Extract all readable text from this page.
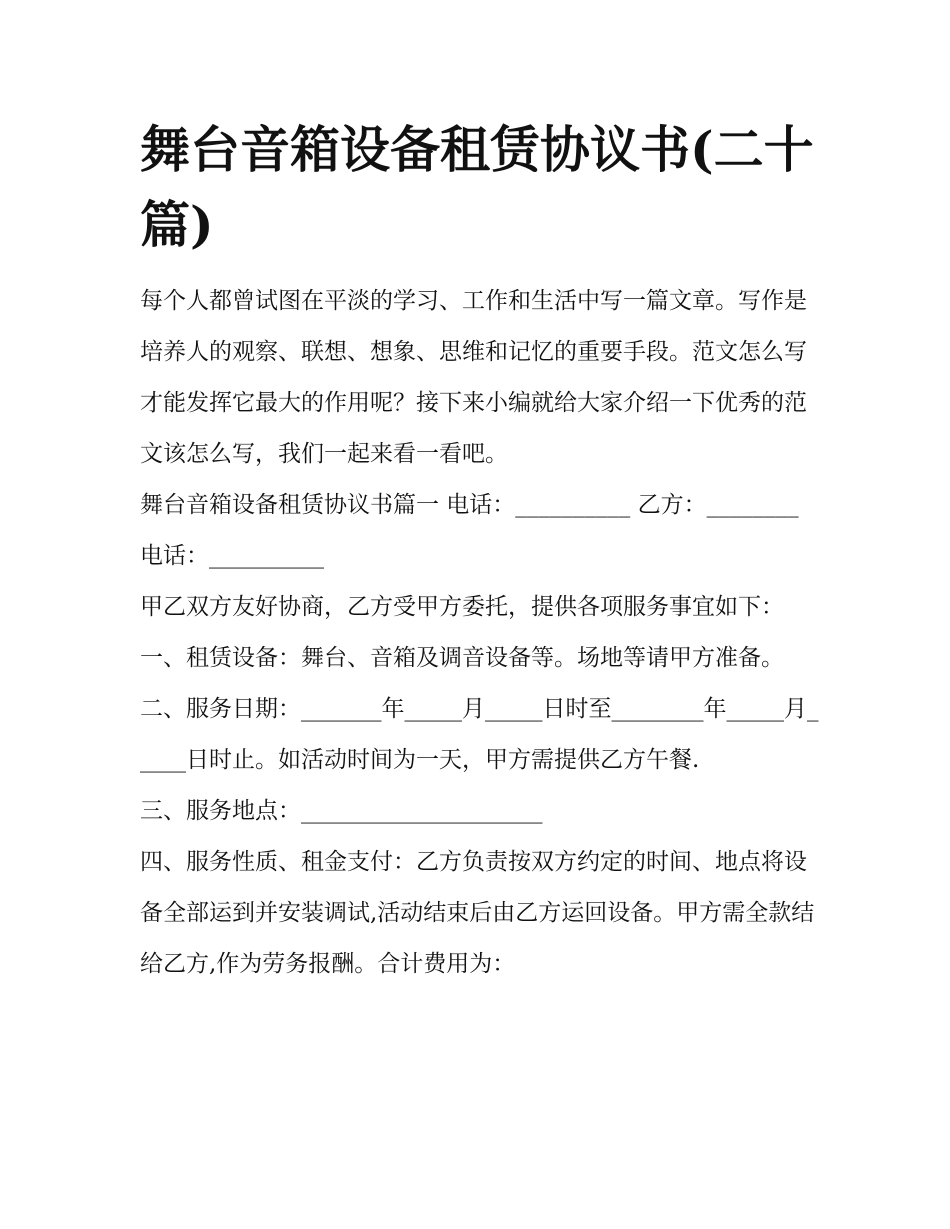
舞台音箱设备租赁协议书(二十篇)

每个人都曾试图在平淡的学习、工作和生活中写一篇文章。写作是培养人的观察、联想、想象、思维和记忆的重要手段。范文怎么写才能发挥它最大的作用呢？接下来小编就给大家介绍一下优秀的范文该怎么写，我们一起来看一看吧。

舞台音箱设备租赁协议书篇一 电话：__________ 乙方：________ 电话：__________

甲乙双方友好协商，乙方受甲方委托，提供各项服务事宜如下： 一、租赁设备：舞台、音箱及调音设备等。场地等请甲方准备。

二、服务日期：_______年_____月_____日时至________年_____月_____日时止。如活动时间为一天，甲方需提供乙方午餐.

三、服务地点：_____________________

四、服务性质、租金支付：乙方负责按双方约定的时间、地点将设备全部运到并安装调试,活动结束后由乙方运回设备。甲方需全款结给乙方,作为劳务报酬。合计费用为：
